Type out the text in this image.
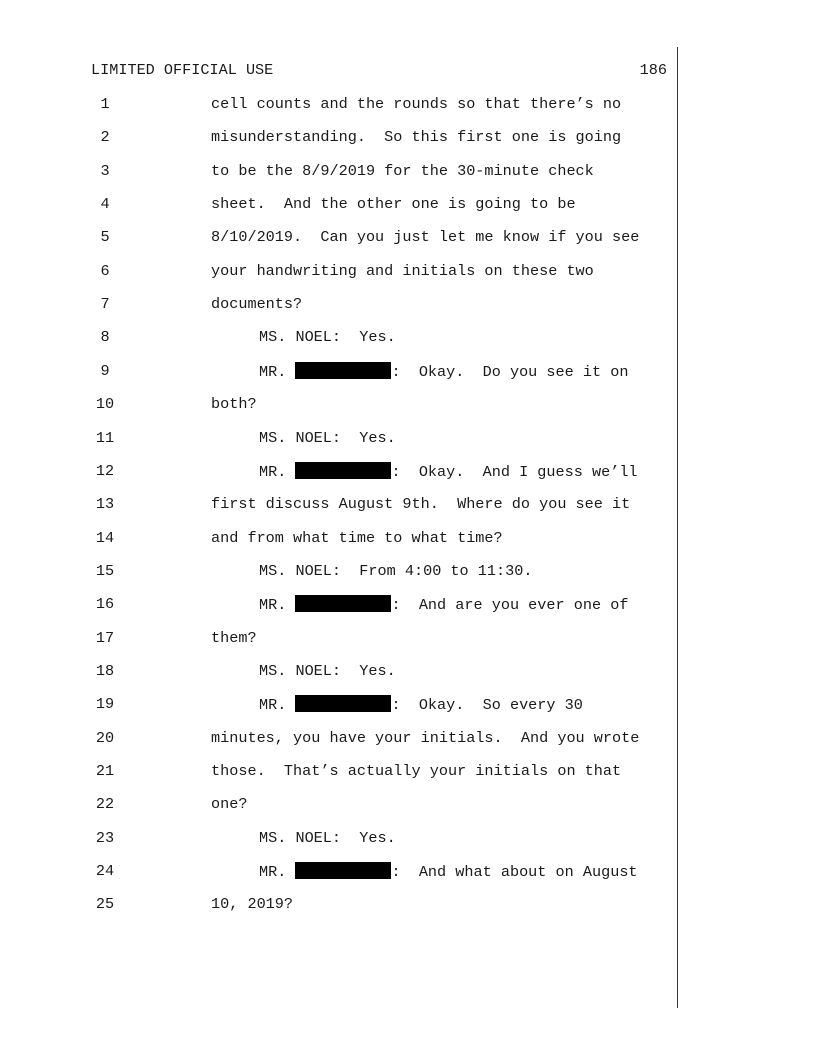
LIMITED OFFICIAL USE	186
1	cell counts and the rounds so that there’s no
2	misunderstanding.  So this first one is going
3	to be the 8/9/2019 for the 30-minute check
4	sheet.  And the other one is going to be
5	8/10/2019.  Can you just let me know if you see
6	your handwriting and initials on these two
7	documents?
8	MS. NOEL: Yes.
9	MR.	:  Okay.  Do you see it on
10	both?
11	MS. NOEL: Yes.
12	MR.	:  Okay.  And I guess we’ll
13	first discuss August 9th.  Where do you see it
14	and from what time to what time?
15	MS. NOEL: From 4:00 to 11:30.
16	MR.	:  And are you ever one of
17	them?
18	MS. NOEL: Yes.
19	MR.	:  Okay.  So every 30
20	minutes, you have your initials.  And you wrote
21	those.  That’s actually your initials on that
22	one?
23	MS. NOEL: Yes.
24	MR.	:  And what about on August
25	10, 2019?
